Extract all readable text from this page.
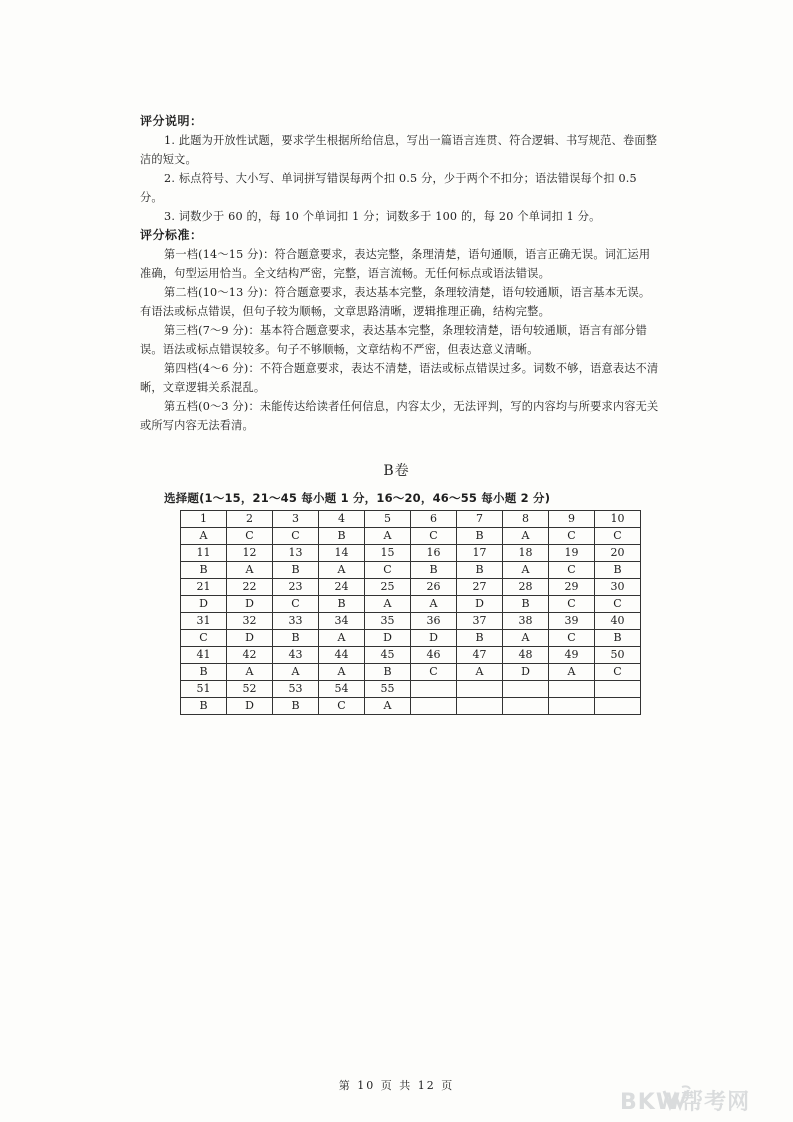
评分说明：

1. 此题为开放性试题，要求学生根据所给信息，写出一篇语言连贯、符合逻辑、书写规范、卷面整洁的短文。

2. 标点符号、大小写、单词拼写错误每两个扣 0.5 分，少于两个不扣分；语法错误每个扣 0.5 分。

3. 词数少于 60 的，每 10 个单词扣 1 分；词数多于 100 的，每 20 个单词扣 1 分。

评分标准：

第一档(14～15 分)：符合题意要求，表达完整，条理清楚，语句通顺，语言正确无误。词汇运用准确，句型运用恰当。全文结构严密，完整，语言流畅。无任何标点或语法错误。

第二档(10～13 分)：符合题意要求，表达基本完整，条理较清楚，语句较通顺，语言基本无误。有语法或标点错误，但句子较为顺畅，文章思路清晰，逻辑推理正确，结构完整。

第三档(7～9 分)：基本符合题意要求，表达基本完整，条理较清楚，语句较通顺，语言有部分错误。语法或标点错误较多。句子不够顺畅，文章结构不严密，但表达意义清晰。

第四档(4～6 分)：不符合题意要求，表达不清楚，语法或标点错误过多。词数不够，语意表达不清晰，文章逻辑关系混乱。

第五档(0～3 分)：未能传达给读者任何信息，内容太少，无法评判，写的内容均与所要求内容无关或所写内容无法看清。

B卷
选择题(1～15，21～45 每小题 1 分，16～20，46～55 每小题 2 分)
1	2	3	4	5	6	7	8	9	10
A	C	C	B	A	C	B	A	C	C
11	12	13	14	15	16	17	18	19	20
B	A	B	A	C	B	B	A	C	B
21	22	23	24	25	26	27	28	29	30
D	D	C	B	A	A	D	B	C	C
31	32	33	34	35	36	37	38	39	40
C	D	B	A	D	D	B	A	C	B
41	42	43	44	45	46	47	48	49	50
B	A	A	A	B	C	A	D	A	C
51	52	53	54	55					
B	D	B	C	A					
第 10 页 共 12 页
BKW帮考网
